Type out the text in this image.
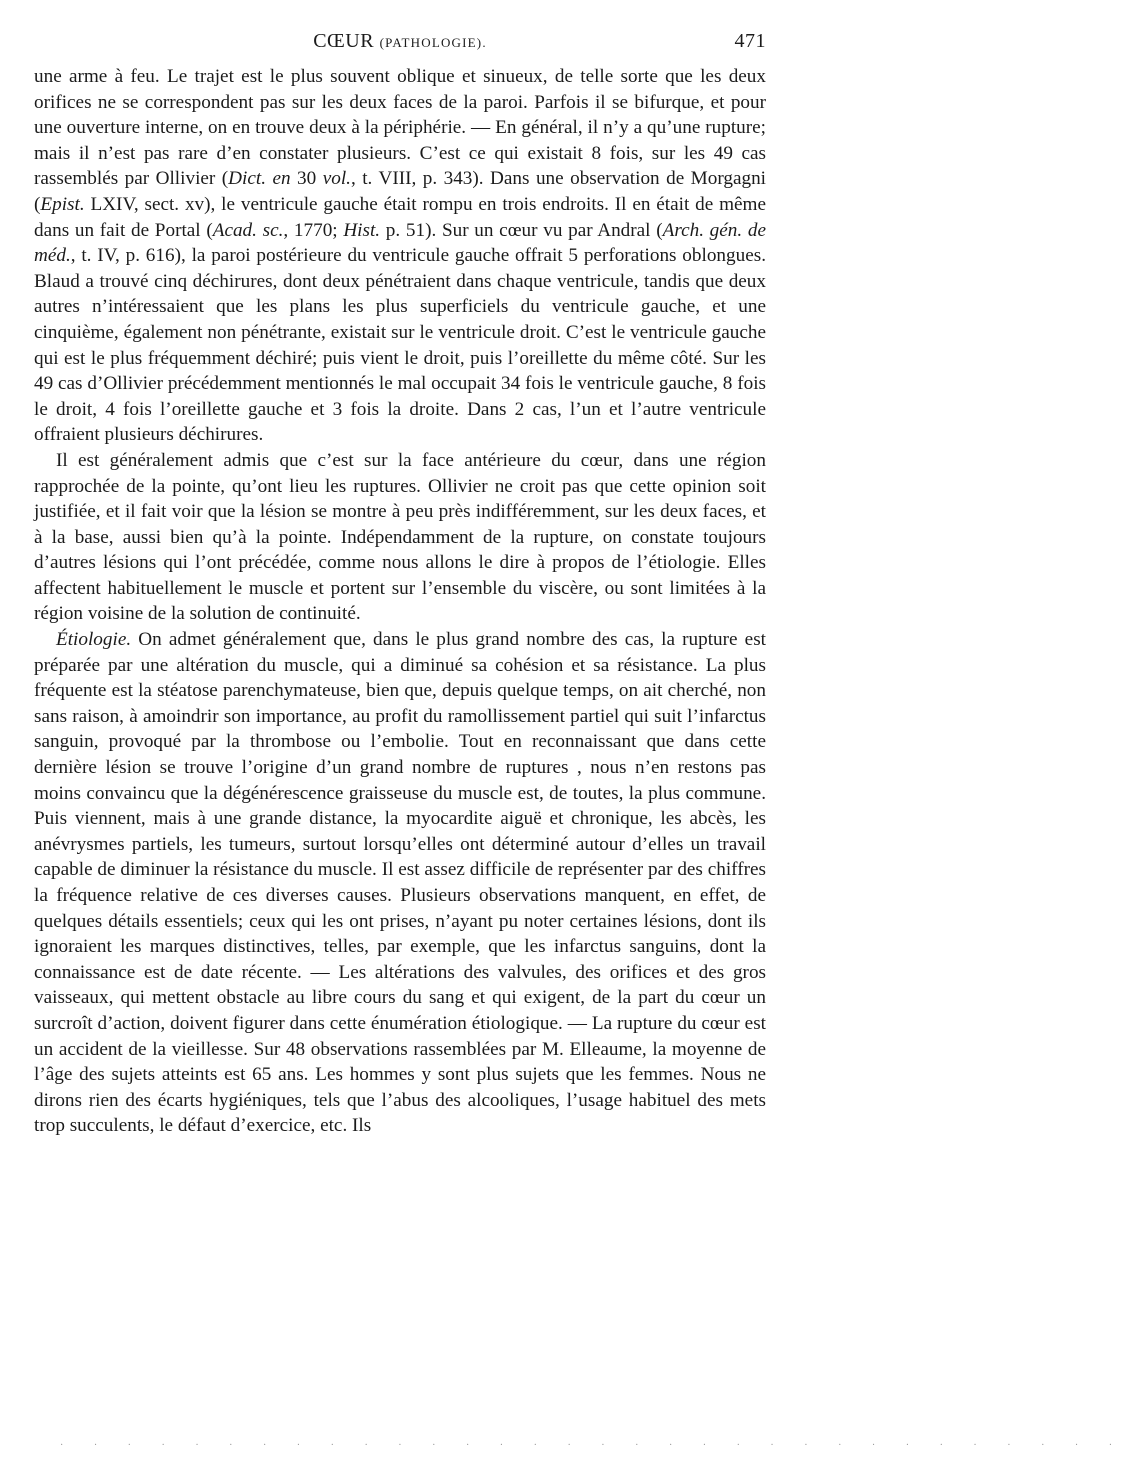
CŒUR (PATHOLOGIE).	471

une arme à feu. Le trajet est le plus souvent oblique et sinueux, de telle sorte que les deux orifices ne se correspondent pas sur les deux faces de la paroi. Parfois il se bifurque, et pour une ouverture interne, on en trouve deux à la périphérie. — En général, il n’y a qu’une rupture; mais il n’est pas rare d’en constater plusieurs. C’est ce qui existait 8 fois, sur les 49 cas rassemblés par Ollivier (Dict. en 30 vol., t. VIII, p. 343). Dans une observation de Morgagni (Epist. LXIV, sect. xv), le ventricule gauche était rompu en trois endroits. Il en était de même dans un fait de Portal (Acad. sc., 1770; Hist. p. 51). Sur un cœur vu par Andral (Arch. gén. de méd., t. IV, p. 616), la paroi postérieure du ventricule gauche offrait 5 perforations oblongues. Blaud a trouvé cinq déchirures, dont deux pénétraient dans chaque ventricule, tandis que deux autres n’intéressaient que les plans les plus superficiels du ventricule gauche, et une cinquième, également non pénétrante, existait sur le ventricule droit. C’est le ventricule gauche qui est le plus fréquemment déchiré; puis vient le droit, puis l’oreillette du même côté. Sur les 49 cas d’Ollivier précédemment mentionnés le mal occupait 34 fois le ventricule gauche, 8 fois le droit, 4 fois l’oreillette gauche et 3 fois la droite. Dans 2 cas, l’un et l’autre ventricule offraient plusieurs déchirures.

Il est généralement admis que c’est sur la face antérieure du cœur, dans une région rapprochée de la pointe, qu’ont lieu les ruptures. Ollivier ne croit pas que cette opinion soit justifiée, et il fait voir que la lésion se montre à peu près indifféremment, sur les deux faces, et à la base, aussi bien qu’à la pointe. Indépendamment de la rupture, on constate toujours d’autres lésions qui l’ont précédée, comme nous allons le dire à propos de l’étiologie. Elles affectent habituellement le muscle et portent sur l’ensemble du viscère, ou sont limitées à la région voisine de la solution de continuité.

Étiologie. On admet généralement que, dans le plus grand nombre des cas, la rupture est préparée par une altération du muscle, qui a diminué sa cohésion et sa résistance. La plus fréquente est la stéatose parenchymateuse, bien que, depuis quelque temps, on ait cherché, non sans raison, à amoindrir son importance, au profit du ramollissement partiel qui suit l’infarctus sanguin, provoqué par la thrombose ou l’embolie. Tout en reconnaissant que dans cette dernière lésion se trouve l’origine d’un grand nombre de ruptures , nous n’en restons pas moins convaincu que la dégénérescence graisseuse du muscle est, de toutes, la plus commune. Puis viennent, mais à une grande distance, la myocardite aiguë et chronique, les abcès, les anévrysmes partiels, les tumeurs, surtout lorsqu’elles ont déterminé autour d’elles un travail capable de diminuer la résistance du muscle. Il est assez difficile de représenter par des chiffres la fréquence relative de ces diverses causes. Plusieurs observations manquent, en effet, de quelques détails essentiels; ceux qui les ont prises, n’ayant pu noter certaines lésions, dont ils ignoraient les marques distinctives, telles, par exemple, que les infarctus sanguins, dont la connaissance est de date récente. — Les altérations des valvules, des orifices et des gros vaisseaux, qui mettent obstacle au libre cours du sang et qui exigent, de la part du cœur un surcroît d’action, doivent figurer dans cette énumération étiologique. — La rupture du cœur est un accident de la vieillesse. Sur 48 observations rassemblées par M. Elleaume, la moyenne de l’âge des sujets atteints est 65 ans. Les hommes y sont plus sujets que les femmes. Nous ne dirons rien des écarts hygiéniques, tels que l’abus des alcooliques, l’usage habituel des mets trop succulents, le défaut d’exercice, etc. Ils

· · · · · · · · · · · · · · · · · · · · · · · · · · · · · · · ·
